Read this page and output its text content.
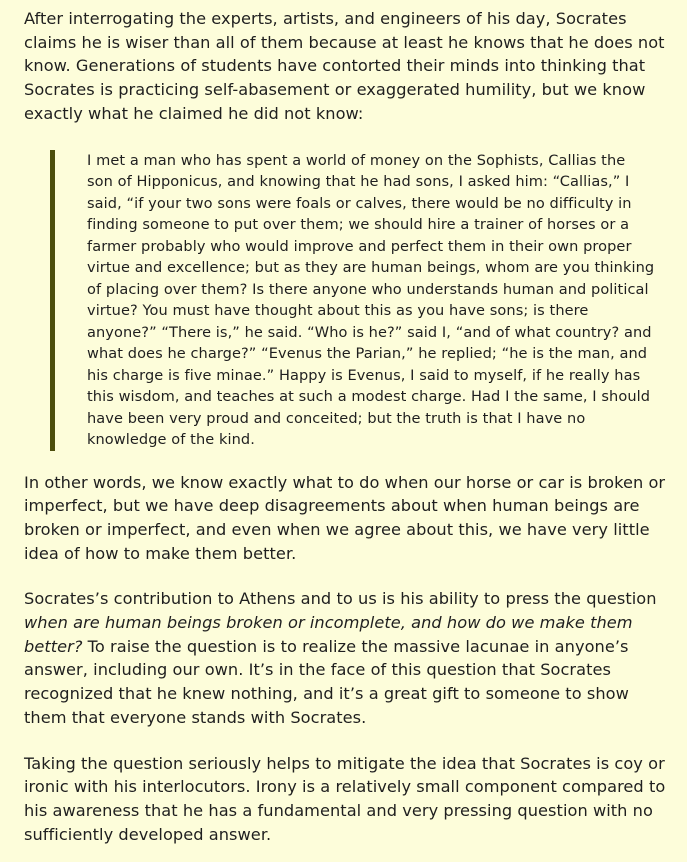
After interrogating the experts, artists, and engineers of his day, Socrates claims he is wiser than all of them because at least he knows that he does not know. Generations of students have contorted their minds into thinking that Socrates is practicing self-abasement or exaggerated humility, but we know exactly what he claimed he did not know:

I met a man who has spent a world of money on the Sophists, Callias the son of Hipponicus, and knowing that he had sons, I asked him: “Callias,” I said, “if your two sons were foals or calves, there would be no difficulty in finding someone to put over them; we should hire a trainer of horses or a farmer probably who would improve and perfect them in their own proper virtue and excellence; but as they are human beings, whom are you thinking of placing over them? Is there anyone who understands human and political virtue? You must have thought about this as you have sons; is there anyone?” “There is,” he said. “Who is he?” said I, “and of what country? and what does he charge?” “Evenus the Parian,” he replied; “he is the man, and his charge is five minae.” Happy is Evenus, I said to myself, if he really has this wisdom, and teaches at such a modest charge. Had I the same, I should have been very proud and conceited; but the truth is that I have no knowledge of the kind.

In other words, we know exactly what to do when our horse or car is broken or imperfect, but we have deep disagreements about when human beings are broken or imperfect, and even when we agree about this, we have very little idea of how to make them better.

Socrates’s contribution to Athens and to us is his ability to press the question when are human beings broken or incomplete, and how do we make them better? To raise the question is to realize the massive lacunae in anyone’s answer, including our own. It’s in the face of this question that Socrates recognized that he knew nothing, and it’s a great gift to someone to show them that everyone stands with Socrates.

Taking the question seriously helps to mitigate the idea that Socrates is coy or ironic with his interlocutors. Irony is a relatively small component compared to his awareness that he has a fundamental and very pressing question with no sufficiently developed answer.
